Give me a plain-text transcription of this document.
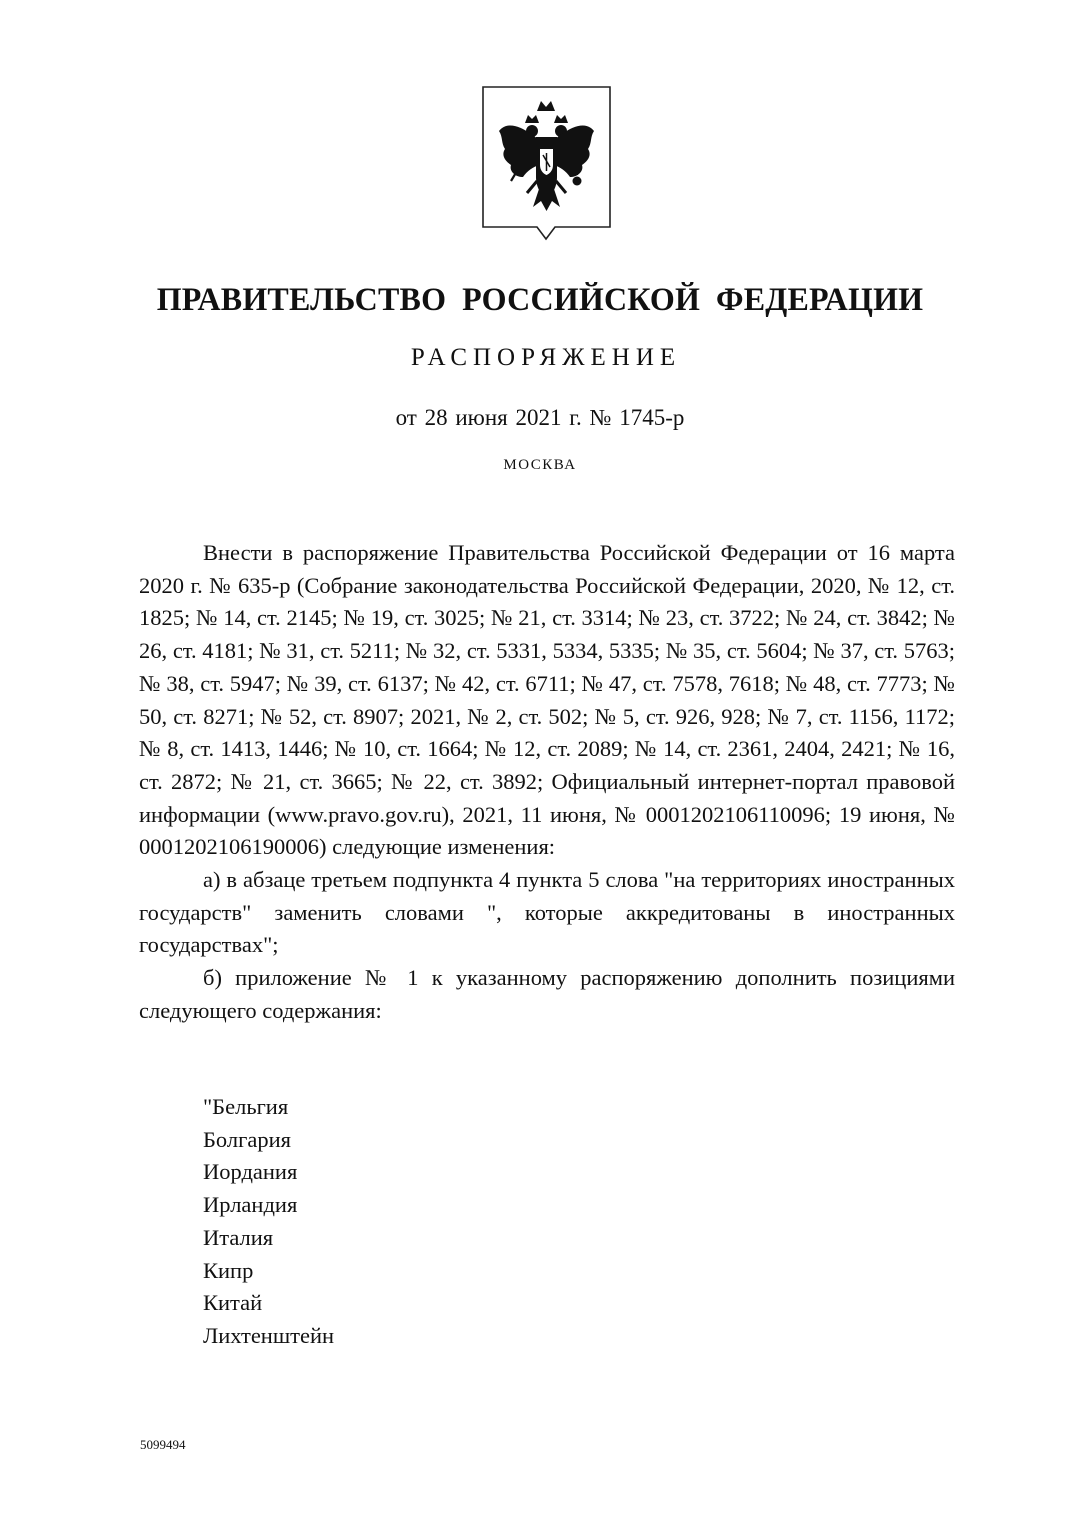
ПРАВИТЕЛЬСТВО РОССИЙСКОЙ ФЕДЕРАЦИИ
РАСПОРЯЖЕНИЕ
от 28 июня 2021 г. № 1745-р
МОСКВА

Внести в распоряжение Правительства Российской Федерации от 16 марта 2020 г. № 635-р (Собрание законодательства Российской Федерации, 2020, № 12, ст. 1825; № 14, ст. 2145; № 19, ст. 3025; № 21, ст. 3314; № 23, ст. 3722; № 24, ст. 3842; № 26, ст. 4181; № 31, ст. 5211; № 32, ст. 5331, 5334, 5335; № 35, ст. 5604; № 37, ст. 5763; № 38, ст. 5947; № 39, ст. 6137; № 42, ст. 6711; № 47, ст. 7578, 7618; № 48, ст. 7773; № 50, ст. 8271; № 52, ст. 8907; 2021, № 2, ст. 502; № 5, ст. 926, 928; № 7, ст. 1156, 1172; № 8, ст. 1413, 1446; № 10, ст. 1664; № 12, ст. 2089; № 14, ст. 2361, 2404, 2421; № 16, ст. 2872; № 21, ст. 3665; № 22, ст. 3892; Официальный интернет-портал правовой информации (www.pravo.gov.ru), 2021, 11 июня, № 0001202106110096; 19 июня, № 0001202106190006) следующие изменения:

а) в абзаце третьем подпункта 4 пункта 5 слова "на территориях иностранных государств" заменить словами ", которые аккредитованы в иностранных государствах";

б) приложение № 1 к указанному распоряжению дополнить позициями следующего содержания:

"Бельгия
Болгария
Иордания
Ирландия
Италия
Кипр
Китай
Лихтенштейн
5099494
